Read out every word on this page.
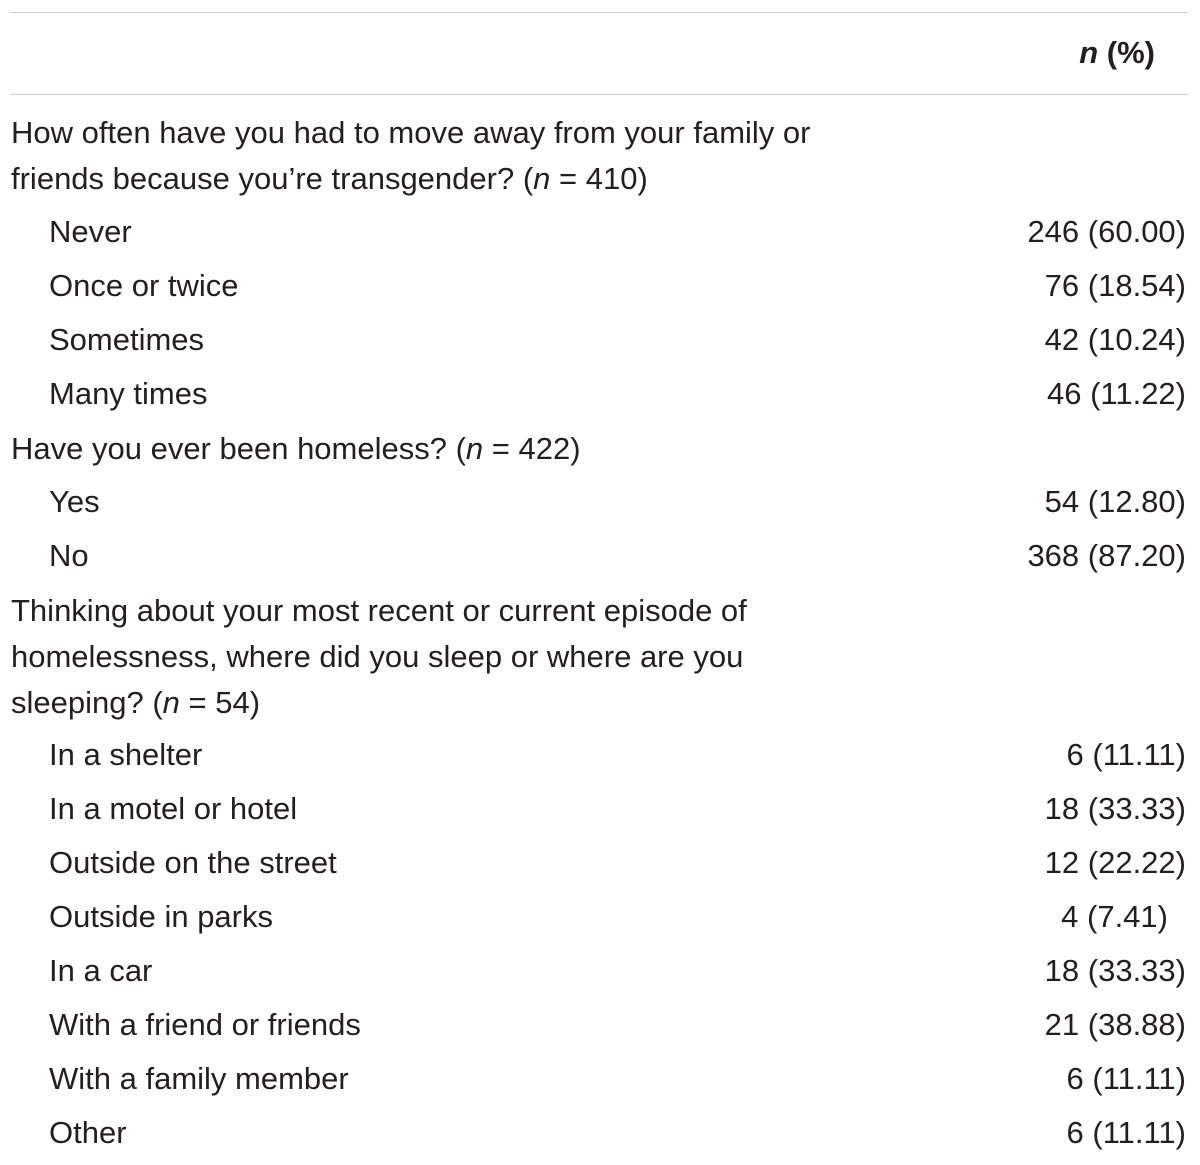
n (%)
How often have you had to move away from your family or friends because you’re transgender? (n = 410)
Never	246 (60.00)
Once or twice	76 (18.54)
Sometimes	42 (10.24)
Many times	46 (11.22)
Have you ever been homeless? (n = 422)
Yes	54 (12.80)
No	368 (87.20)
Thinking about your most recent or current episode of homelessness, where did you sleep or where are you sleeping? (n = 54)
In a shelter	6 (11.11)
In a motel or hotel	18 (33.33)
Outside on the street	12 (22.22)
Outside in parks	4 (7.41)
In a car	18 (33.33)
With a friend or friends	21 (38.88)
With a family member	6 (11.11)
Other	6 (11.11)
